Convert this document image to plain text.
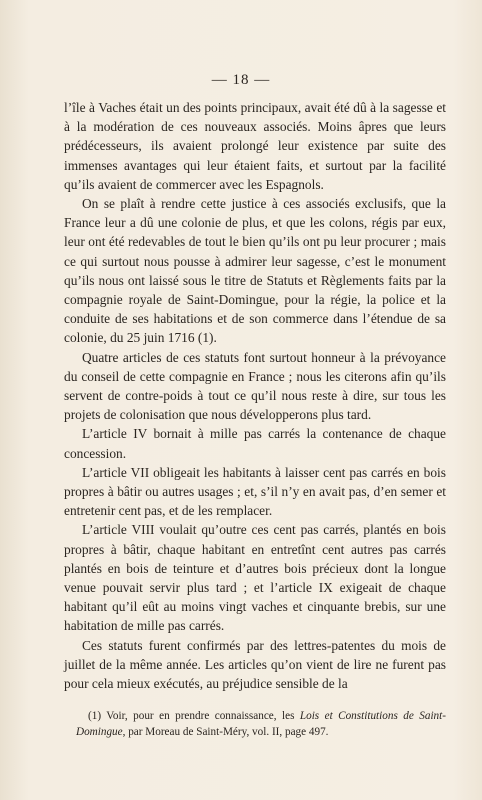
— 18 —

l’île à Vaches était un des points principaux, avait été dû à la sagesse et à la modération de ces nouveaux associés. Moins âpres que leurs prédécesseurs, ils avaient prolongé leur existence par suite des immenses avantages qui leur étaient faits, et surtout par la facilité qu’ils avaient de commercer avec les Espagnols.

On se plaît à rendre cette justice à ces associés exclusifs, que la France leur a dû une colonie de plus, et que les colons, régis par eux, leur ont été redevables de tout le bien qu’ils ont pu leur procurer ; mais ce qui surtout nous pousse à admirer leur sagesse, c’est le monument qu’ils nous ont laissé sous le titre de Statuts et Règlements faits par la compagnie royale de Saint-Domingue, pour la régie, la police et la conduite de ses habitations et de son commerce dans l’étendue de sa colonie, du 25 juin 1716 (1).

Quatre articles de ces statuts font surtout honneur à la prévoyance du conseil de cette compagnie en France ; nous les citerons afin qu’ils servent de contre-poids à tout ce qu’il nous reste à dire, sur tous les projets de colonisation que nous développerons plus tard.

L’article IV bornait à mille pas carrés la contenance de chaque concession.

L’article VII obligeait les habitants à laisser cent pas carrés en bois propres à bâtir ou autres usages ; et, s’il n’y en avait pas, d’en semer et entretenir cent pas, et de les remplacer.

L’article VIII voulait qu’outre ces cent pas carrés, plantés en bois propres à bâtir, chaque habitant en entretînt cent autres pas carrés plantés en bois de teinture et d’autres bois précieux dont la longue venue pouvait servir plus tard ; et l’article IX exigeait de chaque habitant qu’il eût au moins vingt vaches et cinquante brebis, sur une habitation de mille pas carrés.

Ces statuts furent confirmés par des lettres-patentes du mois de juillet de la même année. Les articles qu’on vient de lire ne furent pas pour cela mieux exécutés, au préjudice sensible de la

(1) Voir, pour en prendre connaissance, les Lois et Constitutions de Saint-Domingue, par Moreau de Saint-Méry, vol. II, page 497.
